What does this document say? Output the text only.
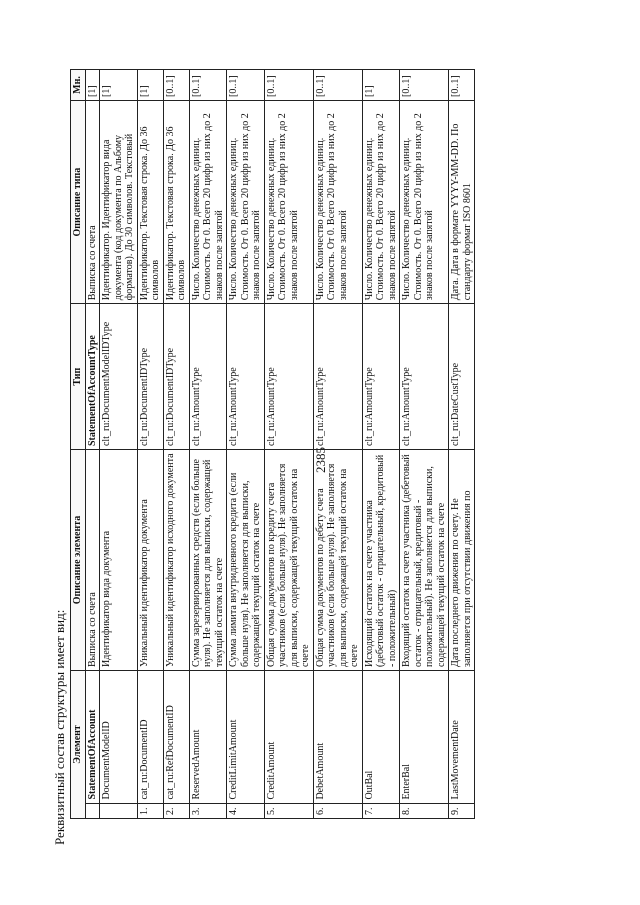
2385
Реквизитный состав структуры имеет вид: Элемент		Описание элемента	Тип	Описание типа	Мн.
	StatementOfAccount	Выписка со счета	StatementOfAccountType	Выписка со счета	[1]
	DocumentModelID	Идентификатор вида документа	clt_ru:DocumentModelIDType	Идентификатор. Идентификатор вида документа (код документа по Альбому форматов). До 30 символов. Текстовый	[1]
1.	cat_ru:DocumentID	Уникальный идентификатор документа	clt_ru:DocumentIDType	Идентификатор. Текстовая строка. До 36 символов	[1]
2.	cat_ru:RefDocumentID	Уникальный идентификатор исходного документа	clt_ru:DocumentIDType	Идентификатор. Текстовая строка. До 36 символов	[0..1]
3.	ReservedAmount	Сумма зарезервированных средств (если больше нуля). Не заполняется для выписки, содержащей текущий остаток на счете	clt_ru:AmountType	Число. Количество денежных единиц. Стоимость. От 0. Всего 20 цифр из них до 2 знаков после запятой	[0..1]
4.	CreditLimitAmount	Сумма лимита внутридневного кредита (если больше нуля). Не заполняется для выписки, содержащей текущий остаток на счете	clt_ru:AmountType	Число. Количество денежных единиц. Стоимость. От 0. Всего 20 цифр из них до 2 знаков после запятой	[0..1]
5.	CreditAmount	Общая сумма документов по кредиту счета участников (если больше нуля). Не заполняется для выписки, содержащей текущий остаток на счете	clt_ru:AmountType	Число. Количество денежных единиц. Стоимость. От 0. Всего 20 цифр из них до 2 знаков после запятой	[0..1]
6.	DebetAmount	Общая сумма документов по дебету счета участников (если больше нуля). Не заполняется для выписки, содержащей текущий остаток на счете	clt_ru:AmountType	Число. Количество денежных единиц. Стоимость. От 0. Всего 20 цифр из них до 2 знаков после запятой	[0..1]
7.	OutBal	Исходящий остаток на счете участника (дебетовый остаток - отрицательный, кредитовый - положительный)	clt_ru:AmountType	Число. Количество денежных единиц. Стоимость. От 0. Всего 20 цифр из них до 2 знаков после запятой	[1]
8.	EnterBal	Входящий остаток на счете участника (дебетовый остаток - отрицательный, кредитовый - положительный). Не заполняется для выписки, содержащей текущий остаток на счете	clt_ru:AmountType	Число. Количество денежных единиц. Стоимость. От 0. Всего 20 цифр из них до 2 знаков после запятой	[0..1]
9.	LastMovementDate	Дата последнего движения по счету. Не заполняется при отсутствии движения по	clt_ru:DateCustType	Дата. Дата в формате YYYY-MM-DD. По стандарту формат ISO 8601	[0..1]
